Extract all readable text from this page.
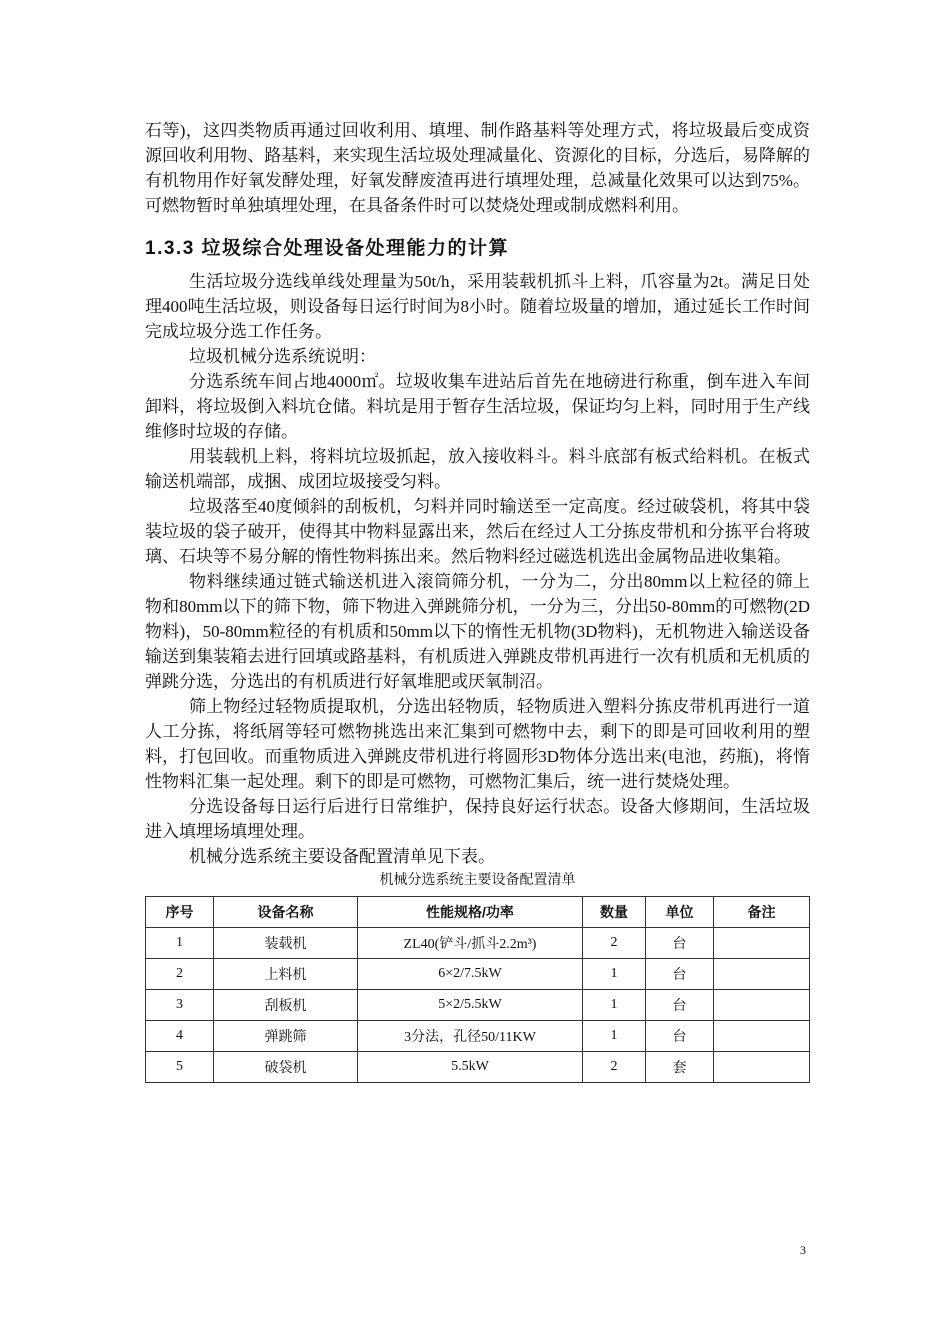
石等)，这四类物质再通过回收利用、填埋、制作路基料等处理方式，将垃圾最后变成资源回收利用物、路基料，来实现生活垃圾处理减量化、资源化的目标，分选后，易降解的有机物用作好氧发酵处理，好氧发酵废渣再进行填埋处理，总减量化效果可以达到75%。可燃物暂时单独填埋处理，在具备条件时可以焚烧处理或制成燃料利用。

1.3.3 垃圾综合处理设备处理能力的计算

生活垃圾分选线单线处理量为50t/h，采用装载机抓斗上料，爪容量为2t。满足日处理400吨生活垃圾，则设备每日运行时间为8小时。随着垃圾量的增加，通过延长工作时间完成垃圾分选工作任务。

垃圾机械分选系统说明：

分选系统车间占地4000㎡。垃圾收集车进站后首先在地磅进行称重，倒车进入车间卸料，将垃圾倒入料坑仓储。料坑是用于暂存生活垃圾，保证均匀上料，同时用于生产线维修时垃圾的存储。

用装载机上料，将料坑垃圾抓起，放入接收料斗。料斗底部有板式给料机。在板式输送机端部，成捆、成团垃圾接受匀料。

垃圾落至40度倾斜的刮板机，匀料并同时输送至一定高度。经过破袋机，将其中袋装垃圾的袋子破开，使得其中物料显露出来，然后在经过人工分拣皮带机和分拣平台将玻璃、石块等不易分解的惰性物料拣出来。然后物料经过磁选机选出金属物品进收集箱。

物料继续通过链式输送机进入滚筒筛分机，一分为二，分出80mm以上粒径的筛上物和80mm以下的筛下物，筛下物进入弹跳筛分机，一分为三，分出50-80mm的可燃物(2D物料)，50-80mm粒径的有机质和50mm以下的惰性无机物(3D物料)，无机物进入输送设备输送到集装箱去进行回填或路基料，有机质进入弹跳皮带机再进行一次有机质和无机质的弹跳分选，分选出的有机质进行好氧堆肥或厌氧制沼。

筛上物经过轻物质提取机，分选出轻物质，轻物质进入塑料分拣皮带机再进行一道人工分拣，将纸屑等轻可燃物挑选出来汇集到可燃物中去，剩下的即是可回收利用的塑料，打包回收。而重物质进入弹跳皮带机进行将圆形3D物体分选出来(电池，药瓶)，将惰性物料汇集一起处理。剩下的即是可燃物，可燃物汇集后，统一进行焚烧处理。

分选设备每日运行后进行日常维护，保持良好运行状态。设备大修期间，生活垃圾进入填埋场填埋处理。

机械分选系统主要设备配置清单见下表。

机械分选系统主要设备配置清单
序号	设备名称	性能规格/功率	数量	单位	备注
1	装载机	ZL40(铲斗/抓斗2.2m³)	2	台	
2	上料机	6×2/7.5kW	1	台	
3	刮板机	5×2/5.5kW	1	台	
4	弹跳筛	3分法，孔径50/11KW	1	台	
5	破袋机	5.5kW	2	套	
3
